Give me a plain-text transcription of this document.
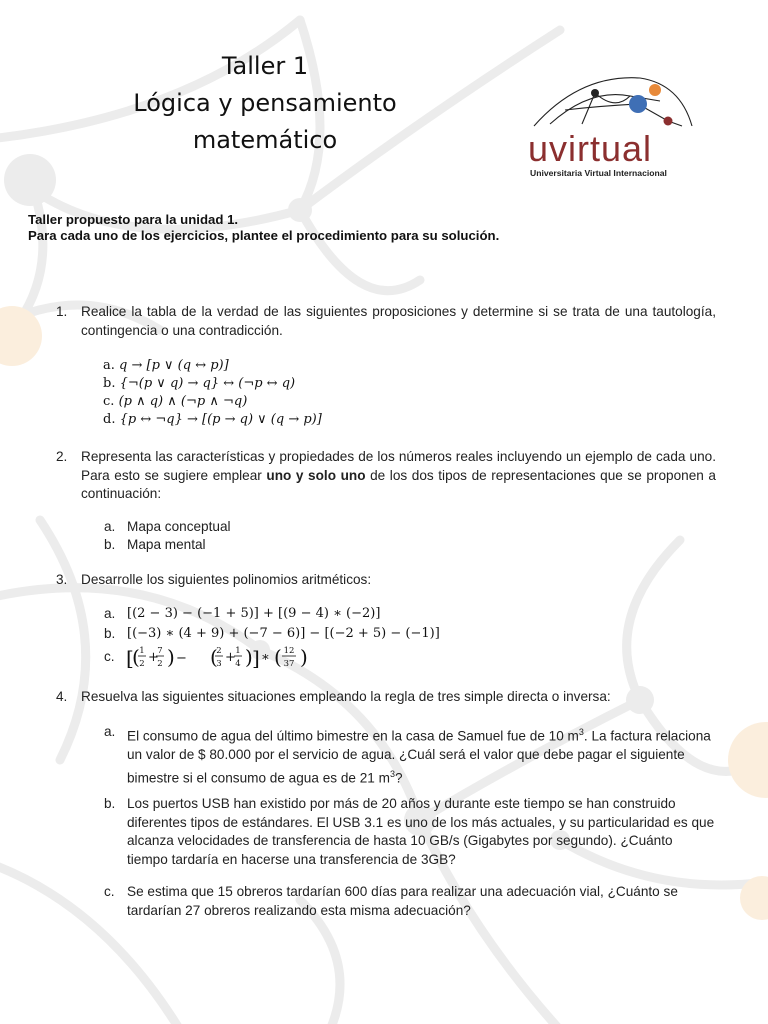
Taller 1
Lógica y pensamiento
matemático	uvirtual
Universitaria Virtual Internacional
Taller propuesto para la unidad 1.
Para cada uno de los ejercicios, plantee el procedimiento para su solución.
1. Realice la tabla de la verdad de las siguientes proposiciones y determine si se trata de una tautología, contingencia o una contradicción.
a. q → [p ∨ (q ↔ p)]
b. {¬(p ∨ q) → q} ↔ (¬p ↔ q)
c. (p ∧ q) ∧ (¬p ∧ ¬q)
d. {p ↔ ¬q} → [(p → q) ∨ (q → p)]
2. Representa las características y propiedades de los números reales incluyendo un ejemplo de cada uno. Para esto se sugiere emplear uno y solo uno de los dos tipos de representaciones que se proponen a continuación:
a. Mapa conceptual
b. Mapa mental
3. Desarrolle los siguientes polinomios aritméticos:
a. [(2 − 3) − (−1 + 5)] + [(9 − 4) ∗ (−2)]
b. [(−3) ∗ (4 + 9) + (−7 − 6)] − [(−2 + 5) − (−1)]
c. [
( ) ( ) ] ( )
−	∗
+	+
1
2
7
2
2
3
1
4
12
37
4. Resuelva las siguientes situaciones empleando la regla de tres simple directa o inversa:
a. El consumo de agua del último bimestre en la casa de Samuel fue de 10 $m^3$. La factura relaciona un valor de $ 80.000 por el servicio de agua. ¿Cuál será el valor que debe pagar el siguiente bimestre si el consumo de agua es de 21 $m^3$?
b. Los puertos USB han existido por más de 20 años y durante este tiempo se han construido diferentes tipos de estándares. El USB 3.1 es uno de los más actuales, y su particularidad es que alcanza velocidades de transferencia de hasta 10 GB/s (Gigabytes por segundo). ¿Cuánto tiempo tardaría en hacerse una transferencia de 3GB?
c. Se estima que 15 obreros tardarían 600 días para realizar una adecuación vial, ¿Cuánto se tardarían 27 obreros realizando esta misma adecuación?
